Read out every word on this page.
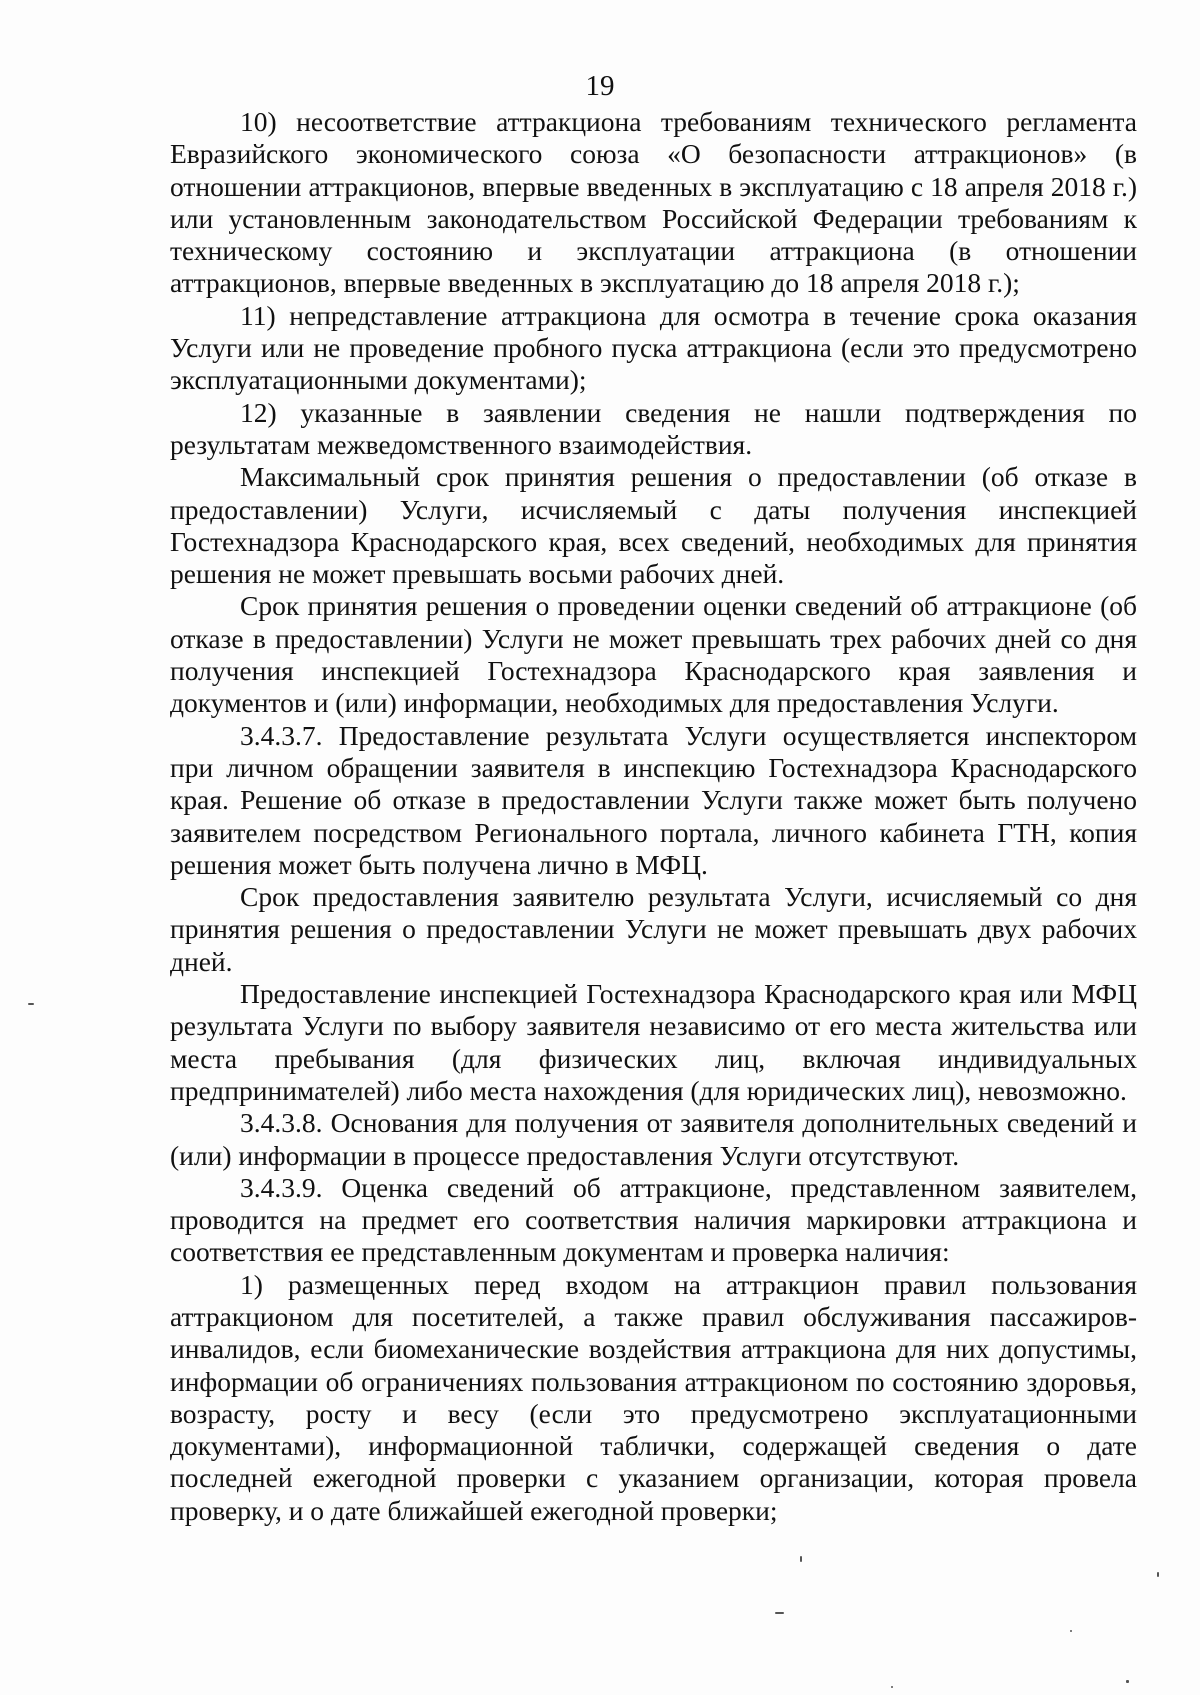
19

10) несоответствие аттракциона требованиям технического регламента Евразийского экономического союза «О безопасности аттракционов» (в отношении аттракционов, впервые введенных в эксплуатацию с 18 апреля 2018 г.) или установленным законодательством Российской Федерации требованиям к техническому состоянию и эксплуатации аттракциона (в отношении аттракционов, впервые введенных в эксплуатацию до 18 апреля 2018 г.);

11) непредставление аттракциона для осмотра в течение срока оказания Услуги или не проведение пробного пуска аттракциона (если это предусмотрено эксплуатационными документами);

12) указанные в заявлении сведения не нашли подтверждения по результатам межведомственного взаимодействия.

Максимальный срок принятия решения о предоставлении (об отказе в предоставлении) Услуги, исчисляемый с даты получения инспекцией Гостехнадзора Краснодарского края, всех сведений, необходимых для принятия решения не может превышать восьми рабочих дней.

Срок принятия решения о проведении оценки сведений об аттракционе (об отказе в предоставлении) Услуги не может превышать трех рабочих дней со дня получения инспекцией Гостехнадзора Краснодарского края заявления и документов и (или) информации, необходимых для предоставления Услуги.

3.4.3.7. Предоставление результата Услуги осуществляется инспектором при личном обращении заявителя в инспекцию Гостехнадзора Краснодарского края. Решение об отказе в предоставлении Услуги также может быть получено заявителем посредством Регионального портала, личного кабинета ГТН, копия решения может быть получена лично в МФЦ.

Срок предоставления заявителю результата Услуги, исчисляемый со дня принятия решения о предоставлении Услуги не может превышать двух рабочих дней.

Предоставление инспекцией Гостехнадзора Краснодарского края или МФЦ результата Услуги по выбору заявителя независимо от его места жительства или места пребывания (для физических лиц, включая индивидуальных предпринимателей) либо места нахождения (для юридических лиц), невозможно.

3.4.3.8. Основания для получения от заявителя дополнительных сведений и (или) информации в процессе предоставления Услуги отсутствуют.

3.4.3.9. Оценка сведений об аттракционе, представленном заявителем, проводится на предмет его соответствия наличия маркировки аттракциона и соответствия ее представленным документам и проверка наличия:

1) размещенных перед входом на аттракцион правил пользования аттракционом для посетителей, а также правил обслуживания пассажиров-инвалидов, если биомеханические воздействия аттракциона для них допустимы, информации об ограничениях пользования аттракционом по состоянию здоровья, возрасту, росту и весу (если это предусмотрено эксплуатационными документами), информационной таблички, содержащей сведения о дате последней ежегодной проверки с указанием организации, которая провела проверку, и о дате ближайшей ежегодной проверки;
